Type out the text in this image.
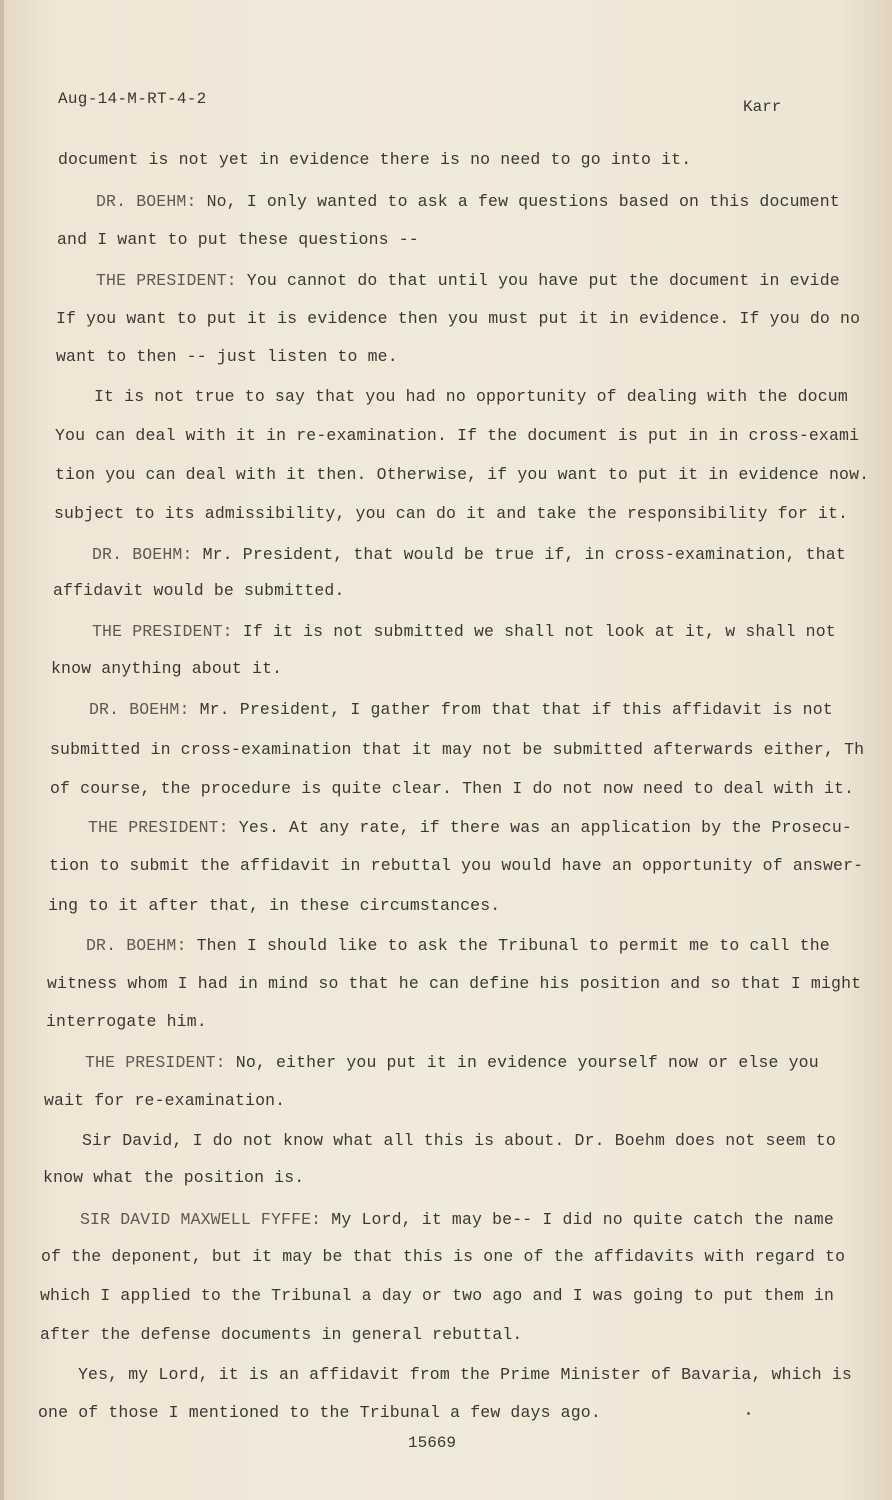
Aug-14-M-RT-4-2	Karr
document is not yet in evidence there is no need to go into it.
DR. BOEHM: No, I only wanted to ask a few questions based on this document
and I want to put these questions --
THE PRESIDENT: You cannot do that until you have put the document in evide
If you want to put it is evidence then you must put it in evidence. If you do no
want to then -- just listen to me.
It is not true to say that you had no opportunity of dealing with the docum
You can deal with it in re-examination. If the document is put in in cross-exami
tion you can deal with it then. Otherwise, if you want to put it in evidence now.
subject to its admissibility, you can do it and take the responsibility for it.
DR. BOEHM: Mr. President, that would be true if, in cross-examination, that
affidavit would be submitted.
THE PRESIDENT: If it is not submitted we shall not look at it, w shall not
know anything about it.
DR. BOEHM: Mr. President, I gather from that that if this affidavit is not
submitted in cross-examination that it may not be submitted afterwards either, Th
of course, the procedure is quite clear. Then I do not now need to deal with it.
THE PRESIDENT: Yes. At any rate, if there was an application by the Prosecu-
tion to submit the affidavit in rebuttal you would have an opportunity of answer-
ing to it after that, in these circumstances.
DR. BOEHM: Then I should like to ask the Tribunal to permit me to call the
witness whom I had in mind so that he can define his position and so that I might
interrogate him.
THE PRESIDENT: No, either you put it in evidence yourself now or else you
wait for re-examination.
Sir David, I do not know what all this is about. Dr. Boehm does not seem to
know what the position is.
SIR DAVID MAXWELL FYFFE: My Lord, it may be-- I did no quite catch the name
of the deponent, but it may be that this is one of the affidavits with regard to
which I applied to the Tribunal a day or two ago and I was going to put them in
after the defense documents in general rebuttal.
Yes, my Lord, it is an affidavit from the Prime Minister of Bavaria, which is
one of those I mentioned to the Tribunal a few days ago.
15669
